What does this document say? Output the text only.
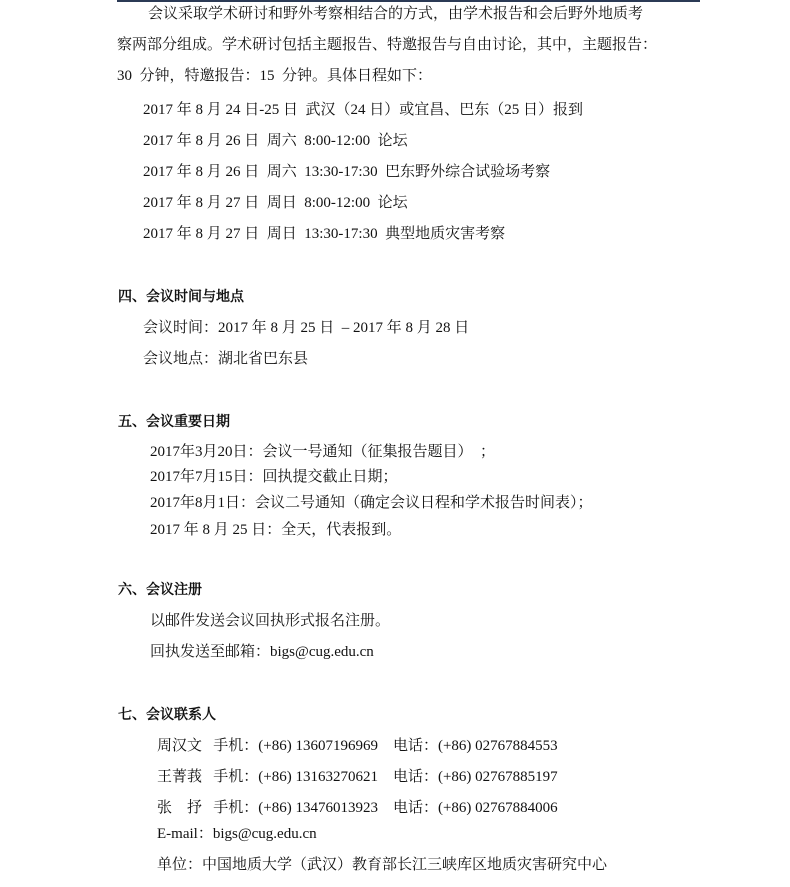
会议采取学术研讨和野外考察相结合的方式，由学术报告和会后野外地质考
察两部分组成。学术研讨包括主题报告、特邀报告与自由讨论，其中，主题报告：
30  分钟，特邀报告：15  分钟。具体日程如下：
2017 年 8 月 24 日-25 日  武汉（24 日）或宜昌、巴东（25 日）报到
2017 年 8 月 26 日  周六  8:00-12:00  论坛
2017 年 8 月 26 日  周六  13:30-17:30  巴东野外综合试验场考察
2017 年 8 月 27 日  周日  8:00-12:00  论坛
2017 年 8 月 27 日  周日  13:30-17:30  典型地质灾害考察
四、会议时间与地点
会议时间：2017 年 8 月 25 日  – 2017 年 8 月 28 日
会议地点：湖北省巴东县
五、会议重要日期
2017年3月20日：会议一号通知（征集报告题目）  ；
2017年7月15日：回执提交截止日期；
2017年8月1日：会议二号通知（确定会议日程和学术报告时间表）；
2017 年 8 月 25 日：全天，代表报到。
六、会议注册
以邮件发送会议回执形式报名注册。
回执发送至邮箱：bigs@cug.edu.cn
七、会议联系人
周汉文   手机：(+86) 13607196969    电话：(+86) 02767884553
王菁莪   手机：(+86) 13163270621    电话：(+86) 02767885197
张    抒   手机：(+86) 13476013923    电话：(+86) 02767884006
E-mail：bigs@cug.edu.cn
单位：中国地质大学（武汉）教育部长江三峡库区地质灾害研究中心
